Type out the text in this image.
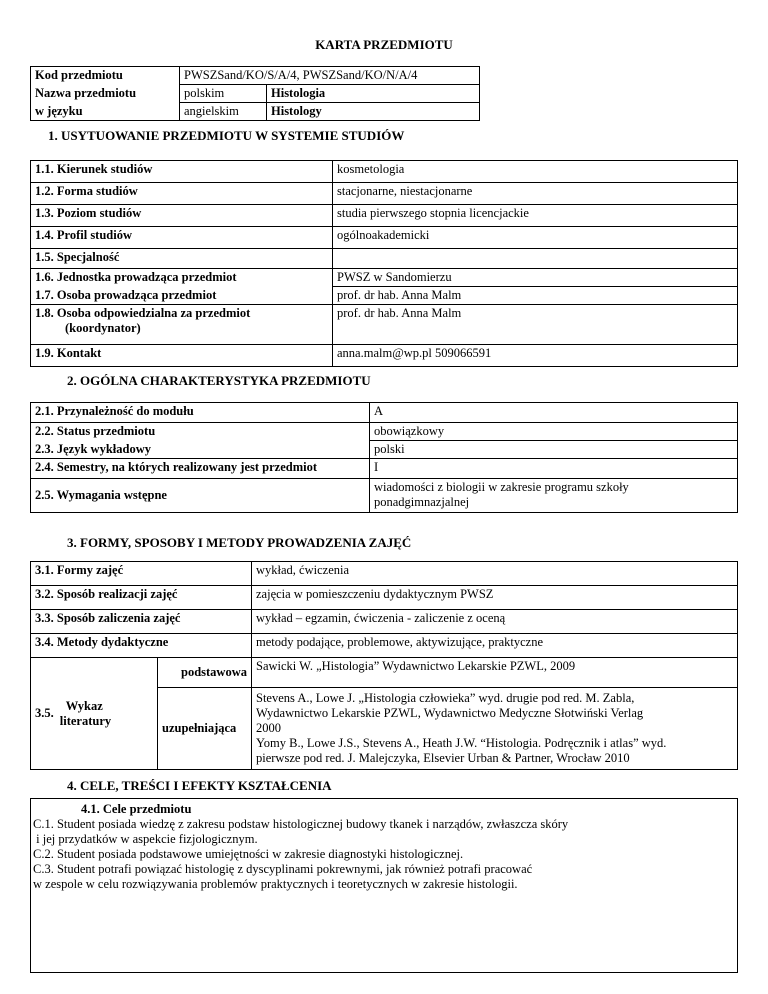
KARTA PRZEDMIOTU
Kod przedmiotu	PWSZSand/KO/S/A/4, PWSZSand/KO/N/A/4	
Nazwa przedmiotu	polskim	Histologia
w języku	angielskim	Histology
1. USYTUOWANIE PRZEDMIOTU W SYSTEMIE STUDIÓW
1.1. Kierunek studiów	kosmetologia
1.2. Forma studiów	stacjonarne, niestacjonarne
1.3. Poziom studiów	studia pierwszego stopnia licencjackie
1.4. Profil studiów	ogólnoakademicki
1.5. Specjalność	
1.6. Jednostka prowadząca przedmiot	PWSZ w Sandomierzu
1.7. Osoba prowadząca przedmiot	prof. dr hab. Anna Malm

1.8. Osoba odpowiedzialna za przedmiot
(koordynator)	prof. dr hab. Anna Malm
1.9. Kontakt	anna.malm@wp.pl 509066591
2. OGÓLNA CHARAKTERYSTYKA PRZEDMIOTU
2.1. Przynależność do modułu	A
2.2. Status przedmiotu	obowiązkowy
2.3. Język wykładowy	polski
2.4. Semestry, na których realizowany jest przedmiot	I
2.5. Wymagania wstępne	wiadomości z biologii w zakresie programu szkoły
ponadgimnazjalnej
3. FORMY, SPOSOBY I METODY PROWADZENIA ZAJĘĆ
3.1. Formy zajęć		wykład, ćwiczenia
3.2. Sposób realizacji zajęć		zajęcia w pomieszczeniu dydaktycznym PWSZ
3.3. Sposób zaliczenia zajęć		wykład – egzamin, ćwiczenia - zaliczenie z oceną
3.4. Metody dydaktyczne		metody podające, problemowe, aktywizujące, praktyczne

3.5.
Wykaz
literatury	podstawowa	Sawicki W. „Histologia” Wydawnictwo Lekarskie PZWL, 2009
	uzupełniająca	Stevens A., Lowe J. „Histologia człowieka” wyd. drugie pod red. M. Zabla,
Wydawnictwo Lekarskie PZWL, Wydawnictwo Medyczne Słotwiński Verlag
2000
Yomy B., Lowe J.S., Stevens A., Heath J.W. “Histologia. Podręcznik i atlas” wyd.
pierwsze pod red. J. Malejczyka, Elsevier Urban & Partner, Wrocław 2010
4. CELE, TREŚCI I EFEKTY KSZTAŁCENIA
4.1. Cele przedmiotu
C.1. Student posiada wiedzę z zakresu podstaw histologicznej budowy tkanek i narządów, zwłaszcza skóry
i jej przydatków w aspekcie fizjologicznym.
C.2. Student posiada podstawowe umiejętności w zakresie diagnostyki histologicznej.
C.3. Student potrafi powiązać histologię z dyscyplinami pokrewnymi, jak również potrafi pracować
w zespole w celu rozwiązywania problemów praktycznych i teoretycznych w zakresie histologii.
